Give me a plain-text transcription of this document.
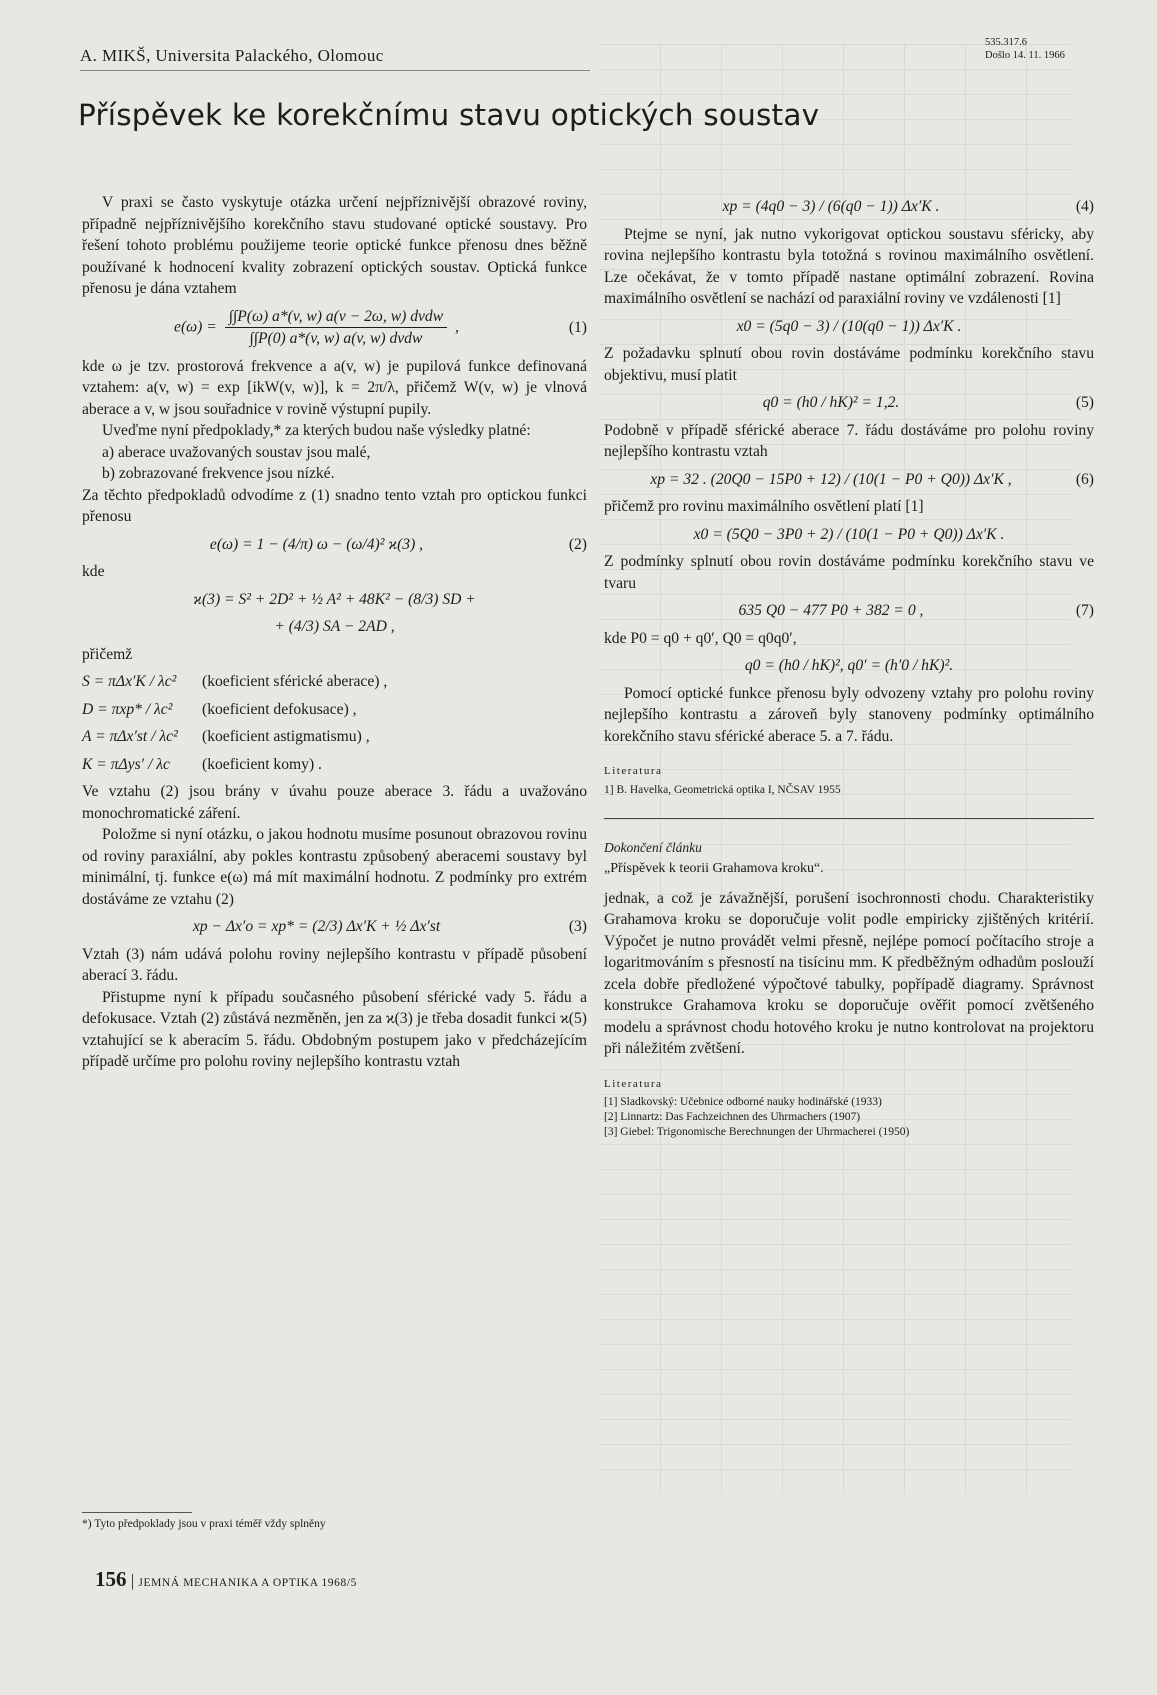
A. MIKŠ, Universita Palackého, Olomouc
535.317.6
Došlo 14. 11. 1966
Příspěvek ke korekčnímu stavu optických soustav

V praxi se často vyskytuje otázka určení nejpříznivější obrazové roviny, případně nejpříznivějšího korekčního stavu studované optické soustavy. Pro řešení tohoto problému použijeme teorie optické funkce přenosu dnes běžně používané k hodnocení kvality zobrazení optických soustav. Optická funkce přenosu je dána vztahem

$e(\omega) = \frac{\text{∫∫P(ω) a*(v, w) a(v − 2ω, w) dvdw}}{\text{∫∫P(0) a*(v, w) a(v, w) dvdw}}$ ,	(1)

kde ω je tzv. prostorová frekvence a a(v, w) je pupilová funkce definovaná vztahem: a(v, w) = exp [ikW(v, w)], k = 2π/λ, přičemž W(v, w) je vlnová aberace a v, w jsou souřadnice v rovině výstupní pupily.

Uveďme nyní předpoklady,* za kterých budou naše výsledky platné:

a) aberace uvažovaných soustav jsou malé,

b) zobrazované frekvence jsou nízké.

Za těchto předpokladů odvodíme z (1) snadno tento vztah pro optickou funkci přenosu

e(ω) = 1 − (4/π) ω − (ω/4)² ϰ(3) ,	(2)

kde

ϰ(3) = S² + 2D² + ½ A² + 48K² − (8/3) SD +
+ (4/3) SA − 2AD ,

přičemž

S = πΔx′K / λc²	(koeficient sférické aberace) ,
D = πxp* / λc²	(koeficient defokusace) ,
A = πΔx′st / λc²	(koeficient astigmatismu) ,
K = πΔys′ / λc	(koeficient komy) .

Ve vztahu (2) jsou brány v úvahu pouze aberace 3. řádu a uvažováno monochromatické záření.

Položme si nyní otázku, o jakou hodnotu musíme posunout obrazovou rovinu od roviny paraxiální, aby pokles kontrastu způsobený aberacemi soustavy byl minimální, tj. funkce e(ω) má mít maximální hodnotu. Z podmínky pro extrém dostáváme ze vztahu (2)

xp − Δx′o = xp* = (2/3) Δx′K + ½ Δx′st	(3)

Vztah (3) nám udává polohu roviny nejlepšího kontrastu v případě působení aberací 3. řádu.

Přistupme nyní k případu současného působení sférické vady 5. řádu a defokusace. Vztah (2) zůstává nezměněn, jen za ϰ(3) je třeba dosadit funkci ϰ(5) vztahující se k aberacím 5. řádu. Obdobným postupem jako v předcházejícím případě určíme pro polohu roviny nejlepšího kontrastu vztah

*) Tyto předpoklady jsou v praxi téměř vždy splněny
xp = (4q0 − 3) / (6(q0 − 1)) Δx′K .	(4)

Ptejme se nyní, jak nutno vykorigovat optickou soustavu sféricky, aby rovina nejlepšího kontrastu byla totožná s rovinou maximálního osvětlení. Lze očekávat, že v tomto případě nastane optimální zobrazení. Rovina maximálního osvětlení se nachází od paraxiální roviny ve vzdálenosti [1]

x0 = (5q0 − 3) / (10(q0 − 1)) Δx′K .

Z požadavku splnutí obou rovin dostáváme podmínku korekčního stavu objektivu, musí platit

q0 = (h0 / hK)² = 1,2.	(5)

Podobně v případě sférické aberace 7. řádu dostáváme pro polohu roviny nejlepšího kontrastu vztah

xp = 32 . (20Q0 − 15P0 + 12) / (10(1 − P0 + Q0)) Δx′K ,	(6)

přičemž pro rovinu maximálního osvětlení platí [1]

x0 = (5Q0 − 3P0 + 2) / (10(1 − P0 + Q0)) Δx′K .

Z podmínky splnutí obou rovin dostáváme podmínku korekčního stavu ve tvaru

635 Q0 − 477 P0 + 382 = 0 ,	(7)

kde P0 = q0 + q0′, Q0 = q0q0′,

q0 = (h0 / hK)², q0′ = (h′0 / hK)².

Pomocí optické funkce přenosu byly odvozeny vztahy pro polohu roviny nejlepšího kontrastu a zároveň byly stanoveny podmínky optimálního korekčního stavu sférické aberace 5. a 7. řádu.

Literatura
1] B. Havelka, Geometrická optika I, NČSAV 1955

Dokončení článku

„Příspěvek k teorii Grahamova kroku“.

jednak, a což je závažnější, porušení isochronnosti chodu. Charakteristiky Grahamova kroku se doporučuje volit podle empiricky zjištěných kritérií. Výpočet je nutno provádět velmi přesně, nejlépe pomocí počítacího stroje a logaritmováním s přesností na tisícinu mm. K předběžným odhadům poslouží zcela dobře předložené výpočtové tabulky, popřípadě diagramy. Správnost konstrukce Grahamova kroku se doporučuje ověřit pomocí zvětšeného modelu a správnost chodu hotového kroku je nutno kontrolovat na projektoru při náležitém zvětšení.

Literatura
[1] Sladkovský: Učebnice odborné nauky hodinářské (1933)
[2] Linnartz: Das Fachzeichnen des Uhrmachers (1907)
[3] Giebel: Trigonomische Berechnungen der Uhrmacherei (1950)
156 | JEMNÁ MECHANIKA A OPTIKA 1968/5
